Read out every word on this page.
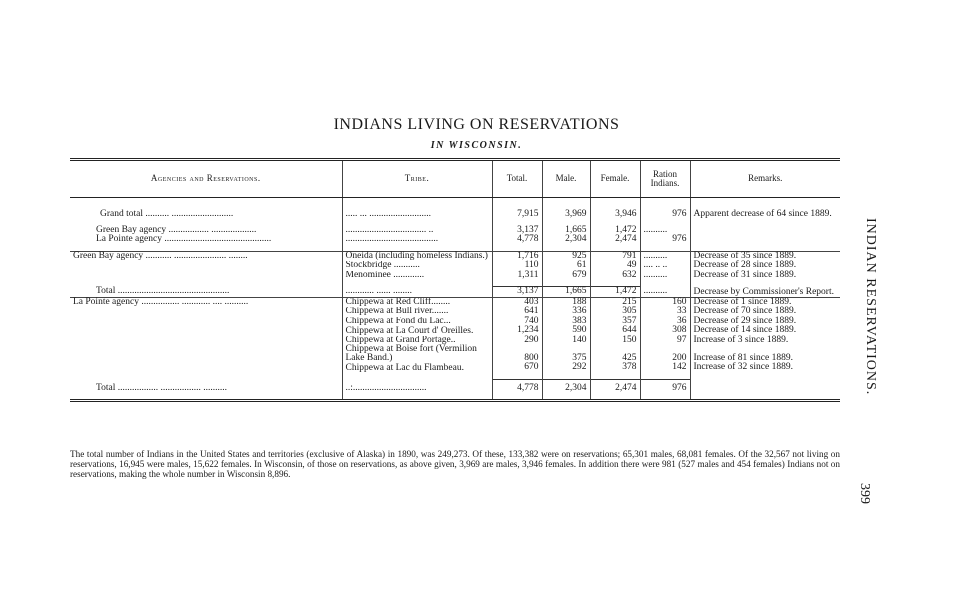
INDIANS LIVING ON RESERVATIONS
IN WISCONSIN.
INDIAN RESERVATIONS.
399
Agencies and Reservations.	Tribe.	Total.	Male.	Female.	Ration Indians.	Remarks.

Grand total .......... ..........................	..... ... ..........................	7,915	3,969	3,946	976	Apparent decrease of 64 since 1889.

Green Bay agency ................. ...................	.................................. ..	3,137	1,665	1,472	..........	
La Pointe agency .............................................	.......................................	4,778	2,304	2,474	976	

Green Bay agency ........... ...................... ........	Oneida (including homeless Indians.)	1,716	925	791	..........	Decrease of 35 since 1889.
	Stockbridge ...........	110	61	49	.... .. ..	Decrease of 28 since 1889.
	Menominee .............	1,311	679	632	..........	Decrease of 31 since 1889.

Total ...............................................	............ ...... ........	3,137	1,665	1,472	..........	Decrease by Commissioner's Report.
La Pointe agency ................ ............ .... ..........	Chippewa at Red Cliff........	403	188	215	160	Decrease of 1 since 1889.
	Chippewa at Bull river.......	641	336	305	33	Decrease of 70 since 1889.
	Chippewa at Fond du Lac...	740	383	357	36	Decrease of 29 since 1889.
	Chippewa at La Court d' Oreilles.	1,234	590	644	308	Decrease of 14 since 1889.
	Chippewa at Grand Portage..	290	140	150	97	Increase of 3 since 1889.
	Chippewa at Boise fort (Vermilion Lake Band.)	800	375	425	200	Increase of 81 since 1889.
	Chippewa at Lac du Flambeau.	670	292	378	142	Increase of 32 since 1889.

Total ................. ................. ..........	..:...............................	4,778	2,304	2,474	976	

The total number of Indians in the United States and territories (exclusive of Alaska) in 1890, was 249,273. Of these, 133,382 were on reservations; 65,301 males, 68,081 females. Of the 32,567 not living on reservations, 16,945 were males, 15,622 females. In Wisconsin, of those on reservations, as above given, 3,969 are males, 3,946 females. In addition there were 981 (527 males and 454 females) Indians not on reservations, making the whole number in Wisconsin 8,896.
